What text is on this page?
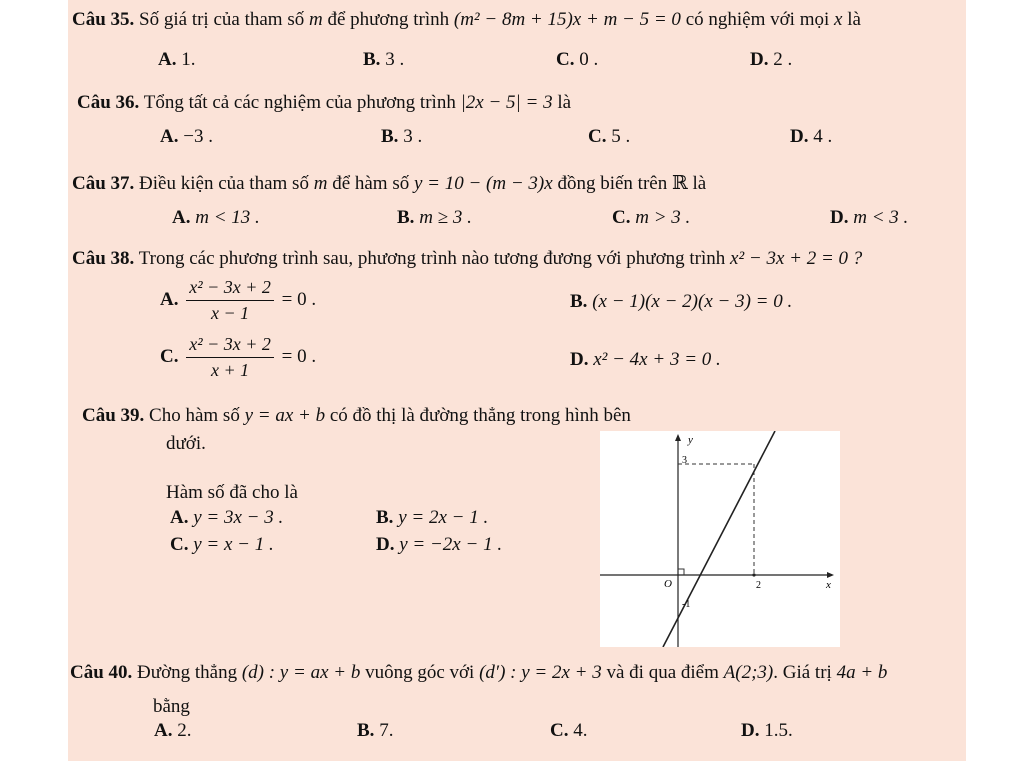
Câu 35. Số giá trị của tham số m để phương trình (m² − 8m + 15)x + m − 5 = 0 có nghiệm với mọi x là
A. 1.	B. 3 .	C. 0 .	D. 2 .
Câu 36. Tổng tất cả các nghiệm của phương trình |2x − 5| = 3 là
A. −3 .	B. 3 .	C. 5 .	D. 4 .
Câu 37. Điều kiện của tham số m để hàm số y = 10 − (m − 3)x đồng biến trên ℝ là
A. m < 13 .	B. m ≥ 3 .	C. m > 3 .	D. m < 3 .
Câu 38. Trong các phương trình sau, phương trình nào tương đương với phương trình x² − 3x + 2 = 0 ?
A. $\frac{\text{x² − 3x + 2}}{x - 1} = 0$ .	B. (x − 1)(x − 2)(x − 3) = 0 .
C. $\frac{\text{x² − 3x + 2}}{x + 1} = 0$ .	D. x² − 4x + 3 = 0 .
Câu 39. Cho hàm số y = ax + b có đồ thị là đường thẳng trong hình bên
dưới.
Hàm số đã cho là
A. y = 3x − 3 .	B. y = 2x − 1 .
C. y = x − 1 .	D. y = −2x − 1 .
y
x
O
3
2
-1
Câu 40. Đường thẳng (d) : y = ax + b vuông góc với (d′) : y = 2x + 3 và đi qua điểm A(2;3). Giá trị 4a + b
bằng
A. 2.	B. 7.	C. 4.	D. 1.5.
